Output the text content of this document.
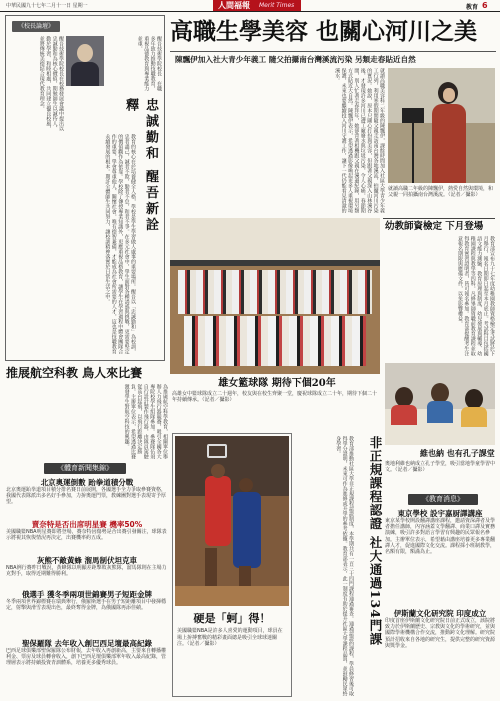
中華民國九十七年二月十一日 星期一	人間福報 Merit Times	教育 6
高職生學美容 也關心河川之美
陳飄伊加入社大青少年義工 隨父拍攝南台灣溪流污染 另類走春貼近自然
《校長論壇》
醒吾技術學院校長在校務發展會議中提出以忠誠勤和為核心價值，期勉師生以誠待人、勤於學習、和睦相處，共同建立優良校風，並將傳統美德結合現代教育理念。	醒吾技術學院校長　在職多年致力推動技職教育，重視品德教育與專業能力並重。
忠誠勤和 醒吾新詮釋
教育的核心在於培養健全人格，學校是學生學習做人處事的重要場所。醒吾以「忠誠勤和」為校訓，忠者盡己，誠者不欺，勤者不怠，和者不爭。在多元社會中，學生面對各種誘惑與挑戰，更需要堅定的價值觀作為依靠。學校除了傳授專業知識外，更應重視品格教育，讓學生在學習過程中體會團隊合作的重要，學會尊重他人、關懷社會。唯有德智兼備，才能成為社會所需要的人才，這也是技職教育永續發展的根本。期許全體師生共同努力，讓校訓精神落實於日常生活之中。	就讀高職美容科二年級的陳飄伊，課餘時間加入社區大學青少年義工行列，利用寒假期間隨父親走訪南台灣各地溪流，拍攝河川污染的實況。她說，原本只關心打扮與美容，但跟著父親深入山林溪谷後，才發現許多河川已遭工廠廢水與垃圾污染，令人心痛。春節期間，別人忙著走春拜年，她卻背著相機跟父親在溪邊紀錄，用另類方式貼近大自然。陳飄伊表示，希望透過影像喚起更多人重視環境保護，未來也要繼續投入河川守護工作，讓下一代仍能看見清澈的溪水。
就讀高職二年級的陳飄伊，熱愛自然與環境，和父親一同拍攝南台灣溪流。（記者／攝影）
雄女籃球隊 期待下個20年
高雄女中籃球隊成立二十週年，校友與在校生齊聚一堂，慶祝球隊成立二十年，期待下個二十年持續傳承。（記者／攝影）
幼教師資檢定 下月登場
教育部宣布九十七年度幼稚園教師資格檢定考試將於下月舉行，報名日期即日起至本月底止。考試科目包括國語文能力測驗、教育原理與制度、幼兒發展與輔導、幼稚園課程與教學等四科。凡修畢師資職前教育課程並取得教育實習證明者，皆可報名參加。教育部提醒考生注意報名期限與應備文件，以免影響權益。
維也納 也有孔子課堂
奧地利維也納成立孔子學堂，吸引當地學童學習中文。（記者／攝影）
推展航空科教 鳥人來比賽
為推廣航空科學教育，相關單位舉辦人力飛行器競賽，吸引全國各大專院校學生組隊參加。參賽隊伍須自行設計製作飛行器，由隊員駕駛從高台起飛，以飛行距離決定勝負。主辦單位表示，希望透過比賽激發學生對航空科技的興趣。
《體育新聞集錦》
北京奧運倒數 跆拳道積分戰
北京奧運跆拳道項目積分排名賽日前展開，各國選手全力爭取參賽資格，我國代表隊派出多名好手參加，力拚奧運門票，教練團對選手表現寄予厚望。
賣奈特是否出席明星賽 機率50%
美國職籃NBA明星賽即將登場，賽奈特因傷勢是否出賽引發關注，球隊表示將視其恢復情況再決定，出賽機率約五成。
灰熊不敵黃蜂 溜馬制伏坦克車
NBA例行賽昨日戰況，黃蜂隊以明顯差距擊敗灰熊隊，溜馬隊則在主場力克對手，取得近期難得勝利。
俄選手 獲冬季兩項世錦賽男子短距金牌
冬季兩項世界錦標賽在瑞典舉行，俄羅斯選手在男子短距離項目中發揮穩定，射擊與滑雪表現出色，最終奪得金牌，為俄國隊再添佳績。
聖保羅隊 去年收入創巴西足壇最高紀錄
巴西足球俱樂部聖保羅隊公布財報，去年收入再創新高，主要來自轉播權利金、票房及球員轉會收入，創下巴西足壇俱樂部單年收入最高紀錄，管理層表示將持續投資青訓體系，培養更多優秀球員。
硬是「蚵」得！
美國職籃NBA是許多人喜愛的運動項目，球員在場上拚搏奮戰的精彩畫面總是吸引全球球迷關注。（記者／攝影）	教育部推動社區大學非正規課程認證制度，本學期共有一百三十四門課程通過審查。通過認證的課程，學員修習後可取得學分證明，未來可作為進修或升學的參考依據。教育部表示，此一制度有助於提升社區大學課程品質，並鼓勵民眾終身學習。	非正規課程認證 社大通過134門課	《教育消息》
東京學校 設宇嘉厨譯講座
東京某學校開設翻譯講座課程，邀請資深譯者及學者擔任講師，內容涵蓋文學翻譯、商業口譯及實務演練，吸引許多對語言學習有興趣的民眾報名參加。主辦單位表示，希望藉由講座培養更多專業翻譯人才，促進國際文化交流。課程採小班制教學，名額有限，額滿為止。
伊斯蘭文化研究院 印度成立
印度首座伊斯蘭文化研究院日前正式成立，該院將致力於伊斯蘭歷史、宗教與文化的學術研究，並與國際學術機構合作交流，推動跨文化理解。研究院預計招收來自各地的研究生，提供完整的研究資源與獎學金。
